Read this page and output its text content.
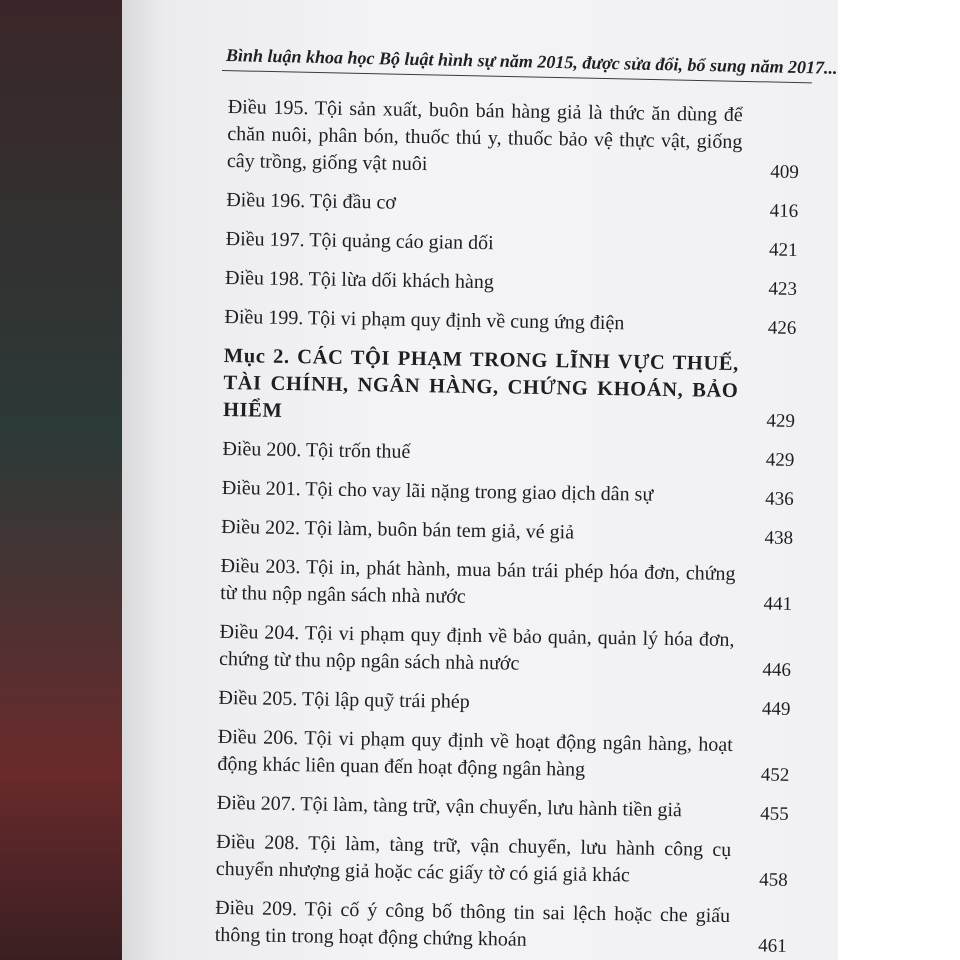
Bình luận khoa học Bộ luật hình sự năm 2015, được sửa đổi, bổ sung năm 2017...
Điều 195. Tội sản xuất, buôn bán hàng giả là thức ăn dùng để chăn nuôi, phân bón, thuốc thú y, thuốc bảo vệ thực vật, giống cây trồng, giống vật nuôi	409
Điều 196. Tội đầu cơ	416
Điều 197. Tội quảng cáo gian dối	421
Điều 198. Tội lừa dối khách hàng	423
Điều 199. Tội vi phạm quy định về cung ứng điện	426
Mục 2. CÁC TỘI PHẠM TRONG LĨNH VỰC THUẾ, TÀI CHÍNH, NGÂN HÀNG, CHỨNG KHOÁN, BẢO HIỂM	429
Điều 200. Tội trốn thuế	429
Điều 201. Tội cho vay lãi nặng trong giao dịch dân sự	436
Điều 202. Tội làm, buôn bán tem giả, vé giả	438
Điều 203. Tội in, phát hành, mua bán trái phép hóa đơn, chứng từ thu nộp ngân sách nhà nước	441
Điều 204. Tội vi phạm quy định về bảo quản, quản lý hóa đơn, chứng từ thu nộp ngân sách nhà nước	446
Điều 205. Tội lập quỹ trái phép	449
Điều 206. Tội vi phạm quy định về hoạt động ngân hàng, hoạt động khác liên quan đến hoạt động ngân hàng	452
Điều 207. Tội làm, tàng trữ, vận chuyển, lưu hành tiền giả	455
Điều 208. Tội làm, tàng trữ, vận chuyển, lưu hành công cụ chuyển nhượng giả hoặc các giấy tờ có giá giả khác	458
Điều 209. Tội cố ý công bố thông tin sai lệch hoặc che giấu thông tin trong hoạt động chứng khoán	461
